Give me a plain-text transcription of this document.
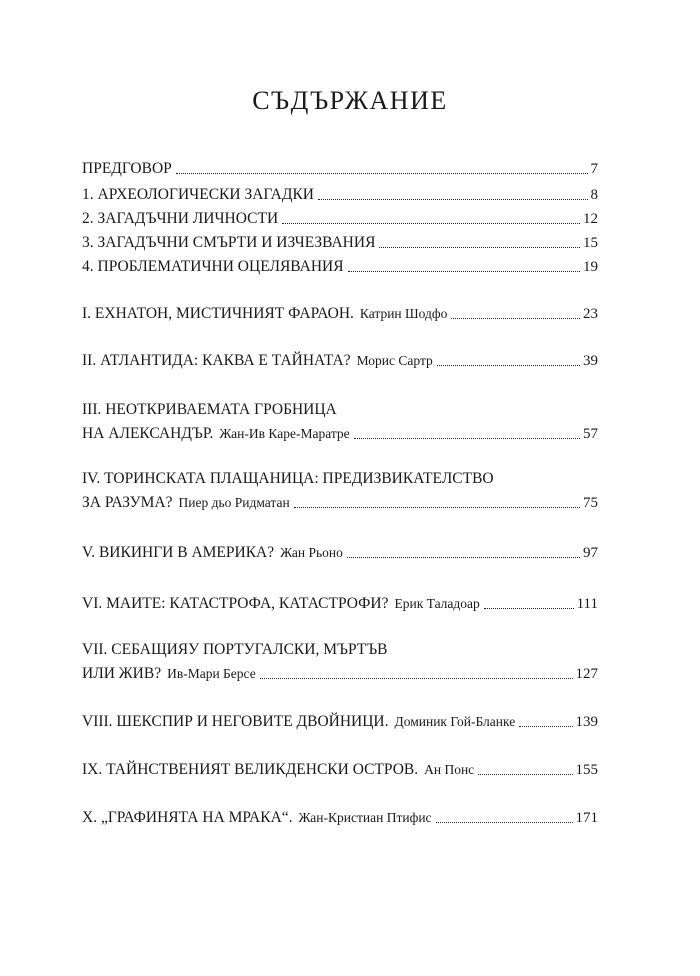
СЪДЪРЖАНИЕ
ПРЕДГОВОР	7
1. АРХЕОЛОГИЧЕСКИ ЗАГАДКИ	8
2. ЗАГАДЪЧНИ ЛИЧНОСТИ	12
3. ЗАГАДЪЧНИ СМЪРТИ И ИЗЧЕЗВАНИЯ	15
4. ПРОБЛЕМАТИЧНИ ОЦЕЛЯВАНИЯ	19
I. ЕХНАТОН, МИСТИЧНИЯТ ФАРАОН. Катрин Шодфо	23
II. АТЛАНТИДА: КАКВА Е ТАЙНАТА? Морис Сартр	39
III. НЕОТКРИВАЕМАТА ГРОБНИЦА
НА АЛЕКСАНДЪР. Жан-Ив Каре-Маратре	57
IV. ТОРИНСКАТА ПЛАЩАНИЦА: ПРЕДИЗВИКАТЕЛСТВО
ЗА РАЗУМА? Пиер дьо Ридматан	75
V. ВИКИНГИ В АМЕРИКА? Жан Рьоно	97
VI. МАИТЕ: КАТАСТРОФА, КАТАСТРОФИ? Ерик Таладоар	111
VII. СЕБАЩИЯУ ПОРТУГАЛСКИ, МЪРТЪВ
ИЛИ ЖИВ? Ив-Мари Берсе	127
VIII. ШЕКСПИР И НЕГОВИТЕ ДВОЙНИЦИ. Доминик Гой-Бланке	139
IX. ТАЙНСТВЕНИЯТ ВЕЛИКДЕНСКИ ОСТРОВ. Ан Понс	155
X. „ГРАФИНЯТА НА МРАКА“. Жан-Кристиан Птифис	171
